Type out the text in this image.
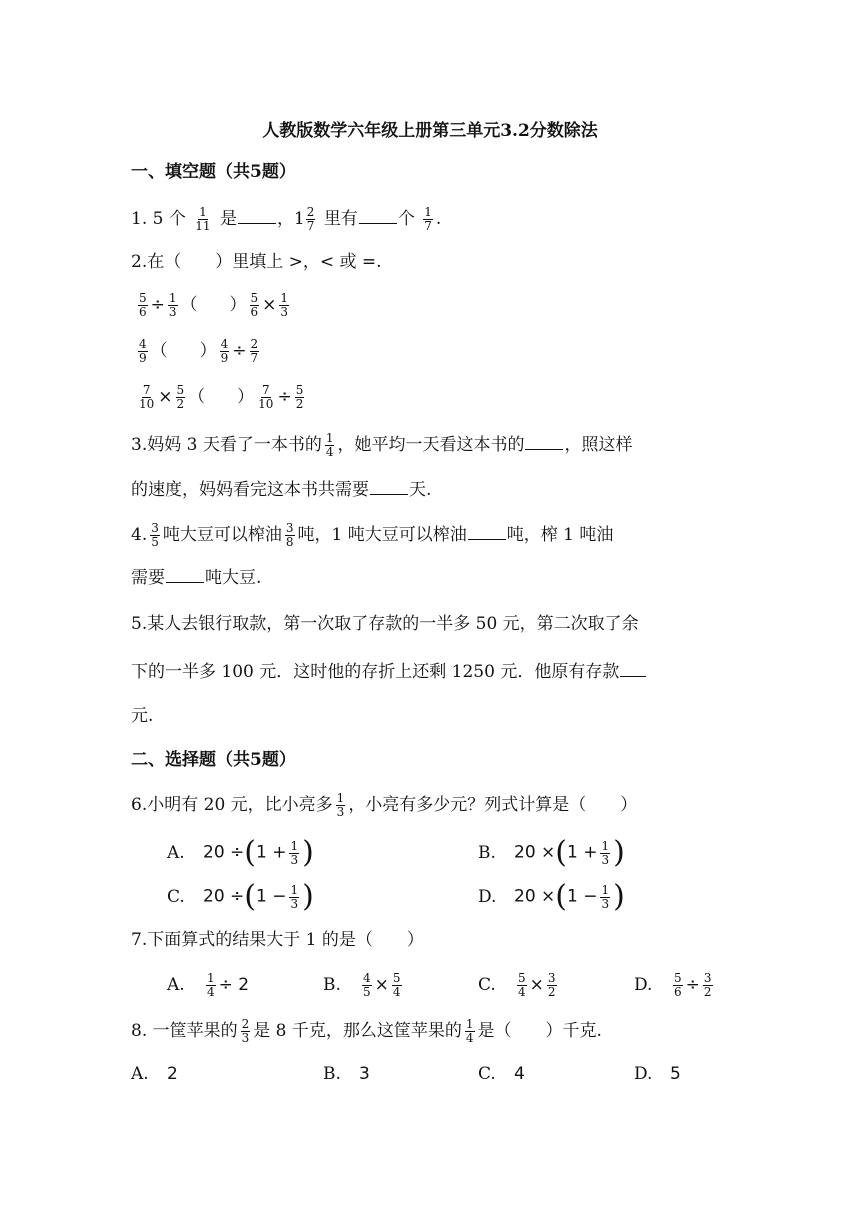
人教版数学六年级上册第三单元3.2分数除法
一、填空题（共5题）
1. 5 个 $\frac{1}{11}$ 是 ，$1 \frac{2}{7}$ 里有 个 $\frac{1}{7}$ .
2.在（　　）里填上 >，< 或 =.
$\frac{5}{6} \div \frac{1}{3}$ （ ） $\frac{5}{6} \times \frac{1}{3}$
$\frac{4}{9}$ （ ） $\frac{4}{9} \div \frac{2}{7}$
$\frac{7}{10} \times \frac{5}{2}$ （ ） $\frac{7}{10} \div \frac{5}{2}$
3.妈妈 3 天看了一本书的 $\frac{1}{4}$ ，她平均一天看这本书的 ，照这样
的速度，妈妈看完这本书共需要 天.
4. $\frac{3}{5}$ 吨大豆可以榨油 $\frac{3}{8}$ 吨，1 吨大豆可以榨油 吨，榨 1 吨油
需要 吨大豆.
5.某人去银行取款，第一次取了存款的一半多 50 元，第二次取了余
下的一半多 100 元．这时他的存折上还剩 1250 元．他原有存款
元.
二、选择题（共5题）
6.小明有 20 元，比小亮多 $\frac{1}{3}$ ，小亮有多少元？列式计算是（　　）
A. $20 \div(1 + \frac{1}{3}$ )	B. $20 \times(1 + \frac{1}{3}$ )
C. $20 \div(1 - \frac{1}{3}$ )	D. $20 \times(1 - \frac{1}{3}$ )
7.下面算式的结果大于 1 的是（　　）
A. $\frac{1}{4} \div 2$	B. $\frac{4}{5} \times \frac{5}{4}$	C. $\frac{5}{4} \times \frac{3}{2}$	D. $\frac{5}{6} \div \frac{3}{2}$
8. 一筐苹果的 $\frac{2}{3}$ 是 8 千克，那么这筐苹果的 $\frac{1}{4}$ 是（　　）千克.
A. 2	B. 3	C. 4	D. 5
